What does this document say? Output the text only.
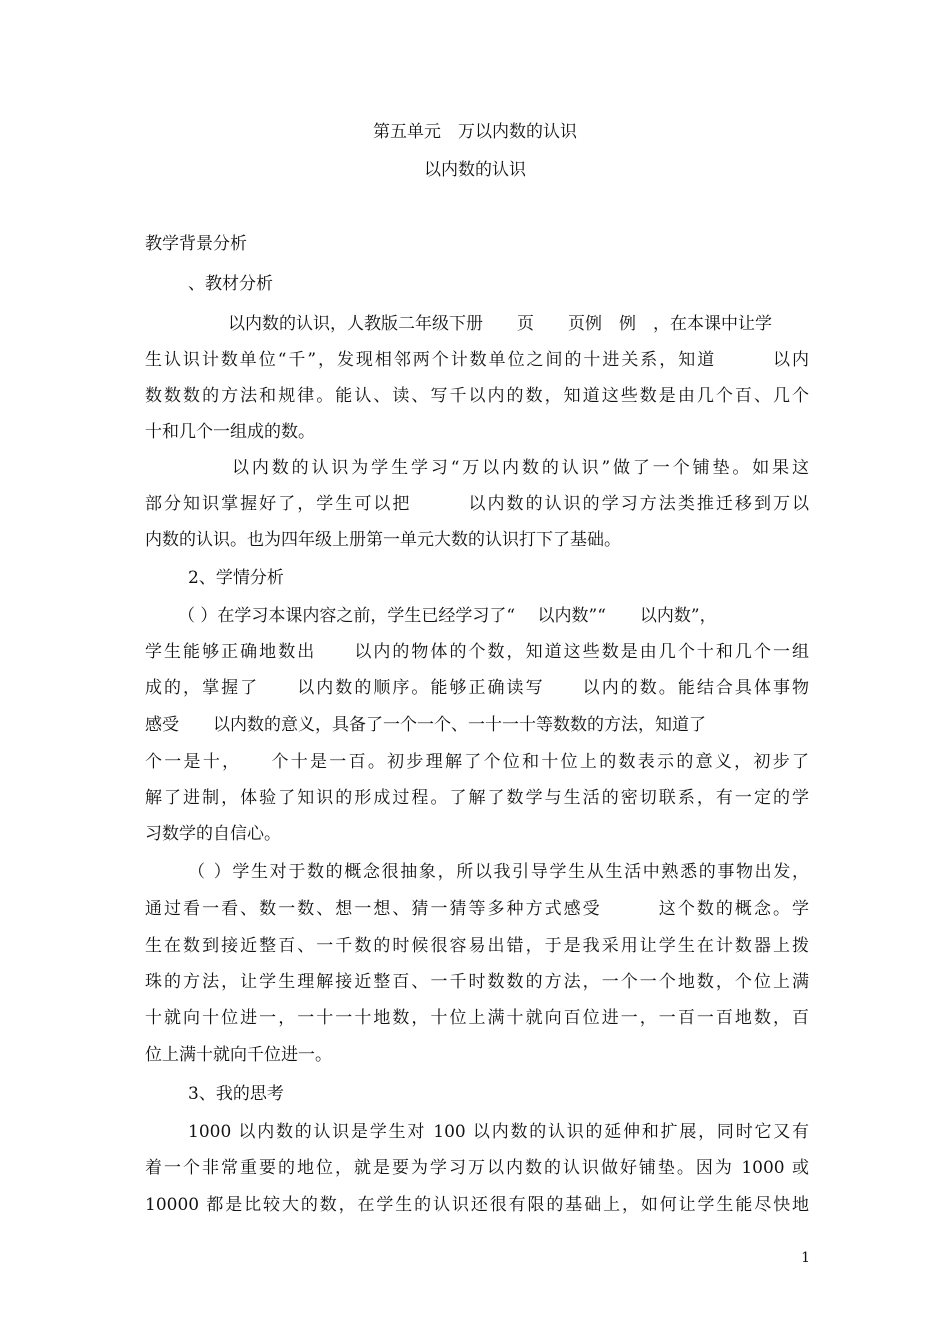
第五单元　万以内数的认识
以内数的认识
教学背景分析
、教材分析
以内数的认识，人教版二年级下册　　页　　页例　例　，在本课中让学
生认识计数单位“千”，发现相邻两个计数单位之间的十进关系，知道　　　以内
数数数的方法和规律。能认、读、写千以内的数，知道这些数是由几个百、几个
十和几个一组成的数。
以内数的认识为学生学习“万以内数的认识”做了一个铺垫。如果这
部分知识掌握好了，学生可以把　　　以内数的认识的学习方法类推迁移到万以
内数的认识。也为四年级上册第一单元大数的认识打下了基础。
2、学情分析
（ ）在学习本课内容之前，学生已经学习了“　 以内数”“　　以内数”，
学生能够正确地数出　　以内的物体的个数，知道这些数是由几个十和几个一组
成的，掌握了　　以内数的顺序。能够正确读写　　以内的数。能结合具体事物
感受　　以内数的意义，具备了一个一个、一十一十等数数的方法，知道了
个一是十，　　个十是一百。初步理解了个位和十位上的数表示的意义，初步了
解了进制，体验了知识的形成过程。了解了数学与生活的密切联系，有一定的学
习数学的自信心。
（ ）学生对于数的概念很抽象，所以我引导学生从生活中熟悉的事物出发，
通过看一看、数一数、想一想、猜一猜等多种方式感受　　　这个数的概念。学
生在数到接近整百、一千数的时候很容易出错，于是我采用让学生在计数器上拨
珠的方法，让学生理解接近整百、一千时数数的方法，一个一个地数，个位上满
十就向十位进一，一十一十地数，十位上满十就向百位进一，一百一百地数，百
位上满十就向千位进一。
3、我的思考
1000 以内数的认识是学生对 100 以内数的认识的延伸和扩展，同时它又有
着一个非常重要的地位，就是要为学习万以内数的认识做好铺垫。因为 1000 或
10000 都是比较大的数，在学生的认识还很有限的基础上，如何让学生能尽快地
1
